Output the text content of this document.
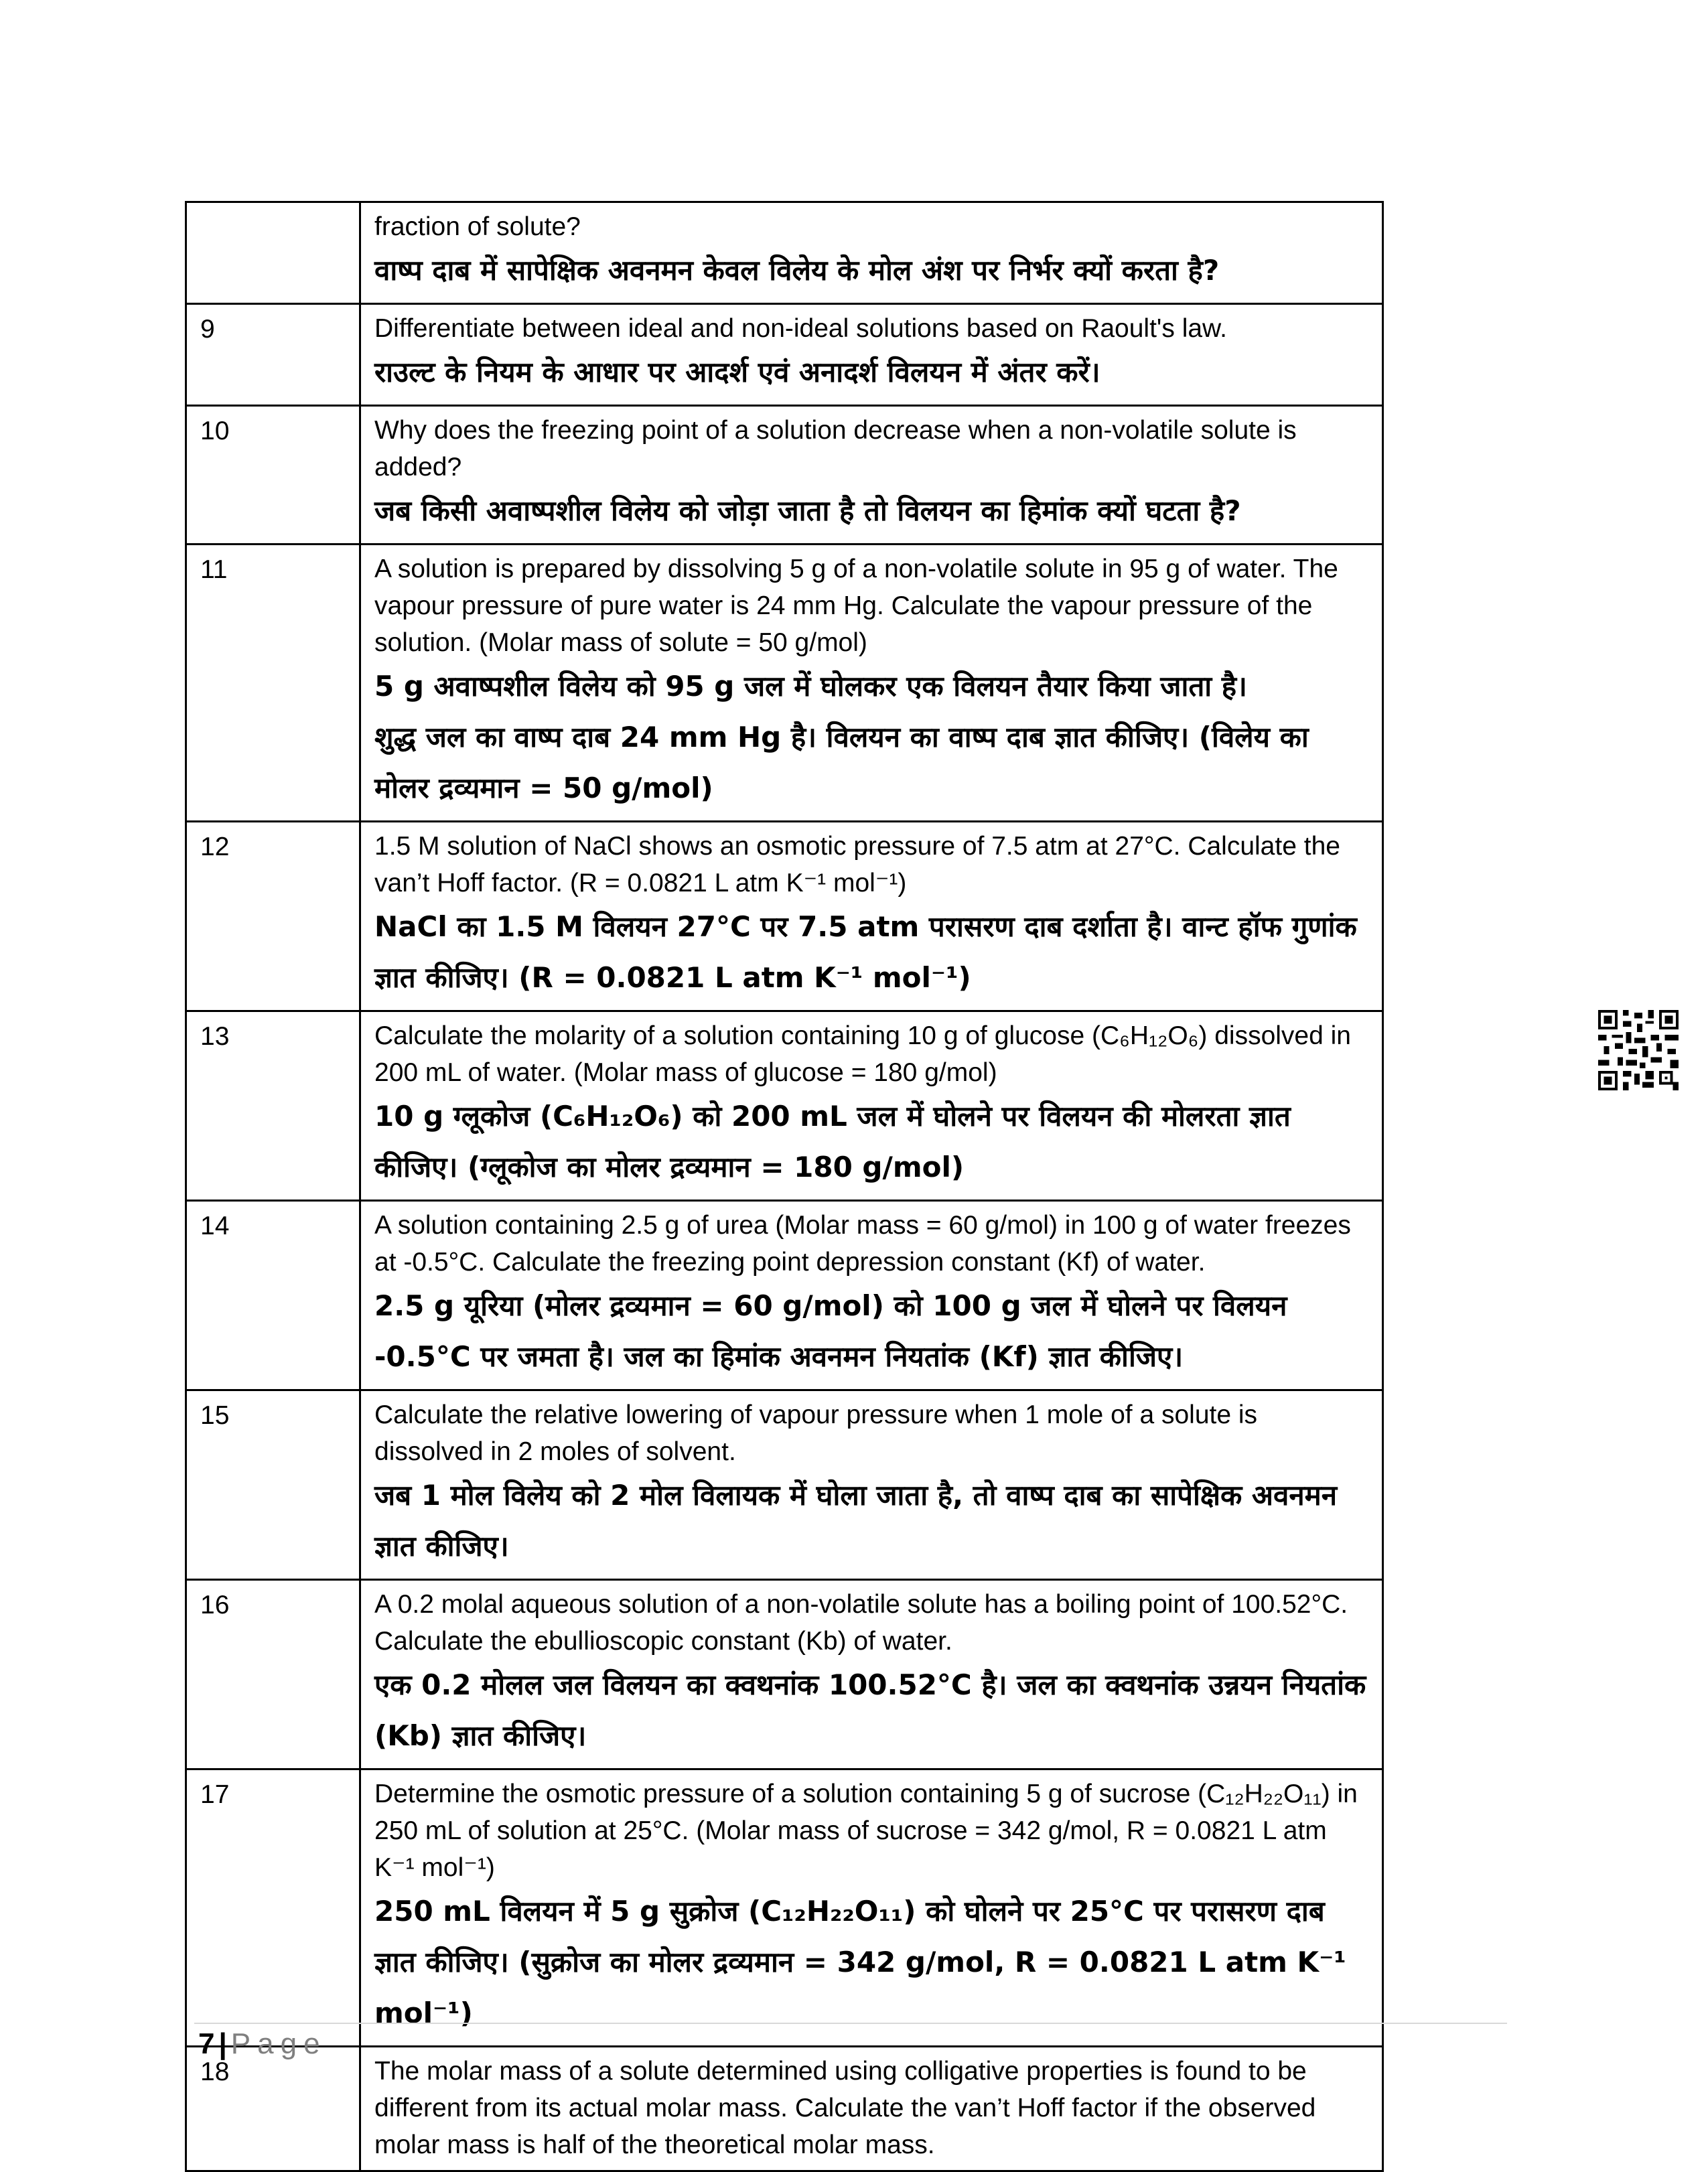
	fraction of solute?
वाष्प दाब में सापेक्षिक अवनमन केवल विलेय के मोल अंश पर निर्भर क्यों करता है?

9	Differentiate between ideal and non-ideal solutions based on Raoult's law.
राउल्ट के नियम के आधार पर आदर्श एवं अनादर्श विलयन में अंतर करें।

10	Why does the freezing point of a solution decrease when a non-volatile solute is added?
जब किसी अवाष्पशील विलेय को जोड़ा जाता है तो विलयन का हिमांक क्यों घटता है?

11	A solution is prepared by dissolving 5 g of a non-volatile solute in 95 g of water. The vapour pressure of pure water is 24 mm Hg. Calculate the vapour pressure of the solution. (Molar mass of solute = 50 g/mol)
5 g अवाष्पशील विलेय को 95 g जल में घोलकर एक विलयन तैयार किया जाता है।
शुद्ध जल का वाष्प दाब 24 mm Hg है। विलयन का वाष्प दाब ज्ञात कीजिए। (विलेय का मोलर द्रव्यमान = 50 g/mol)

12	1.5 M solution of NaCl shows an osmotic pressure of 7.5 atm at 27°C. Calculate the van’t Hoff factor. (R = 0.0821 L atm K⁻¹ mol⁻¹)
NaCl का 1.5 M विलयन 27°C पर 7.5 atm परासरण दाब दर्शाता है। वान्ट हॉफ गुणांक ज्ञात कीजिए। (R = 0.0821 L atm K⁻¹ mol⁻¹)

13	Calculate the molarity of a solution containing 10 g of glucose (C₆H₁₂O₆) dissolved in 200 mL of water. (Molar mass of glucose = 180 g/mol)
10 g ग्लूकोज (C₆H₁₂O₆) को 200 mL जल में घोलने पर विलयन की मोलरता ज्ञात कीजिए। (ग्लूकोज का मोलर द्रव्यमान = 180 g/mol)

14	A solution containing 2.5 g of urea (Molar mass = 60 g/mol) in 100 g of water freezes at -0.5°C. Calculate the freezing point depression constant (Kf) of water.
2.5 g यूरिया (मोलर द्रव्यमान = 60 g/mol) को 100 g जल में घोलने पर विलयन -0.5°C पर जमता है। जल का हिमांक अवनमन नियतांक (Kf) ज्ञात कीजिए।

15	Calculate the relative lowering of vapour pressure when 1 mole of a solute is dissolved in 2 moles of solvent.
जब 1 मोल विलेय को 2 मोल विलायक में घोला जाता है, तो वाष्प दाब का सापेक्षिक अवनमन ज्ञात कीजिए।

16	A 0.2 molal aqueous solution of a non-volatile solute has a boiling point of 100.52°C. Calculate the ebullioscopic constant (Kb) of water.
एक 0.2 मोलल जल विलयन का क्वथनांक 100.52°C है। जल का क्वथनांक उन्नयन नियतांक (Kb) ज्ञात कीजिए।

17	Determine the osmotic pressure of a solution containing 5 g of sucrose (C₁₂H₂₂O₁₁) in 250 mL of solution at 25°C. (Molar mass of sucrose = 342 g/mol, R = 0.0821 L atm K⁻¹ mol⁻¹)
250 mL विलयन में 5 g सुक्रोज (C₁₂H₂₂O₁₁) को घोलने पर 25°C पर परासरण दाब ज्ञात कीजिए। (सुक्रोज का मोलर द्रव्यमान = 342 g/mol, R = 0.0821 L atm K⁻¹ mol⁻¹)

18	The molar mass of a solute determined using colligative properties is found to be different from its actual molar mass. Calculate the van’t Hoff factor if the observed molar mass is half of the theoretical molar mass.
7 | Page
